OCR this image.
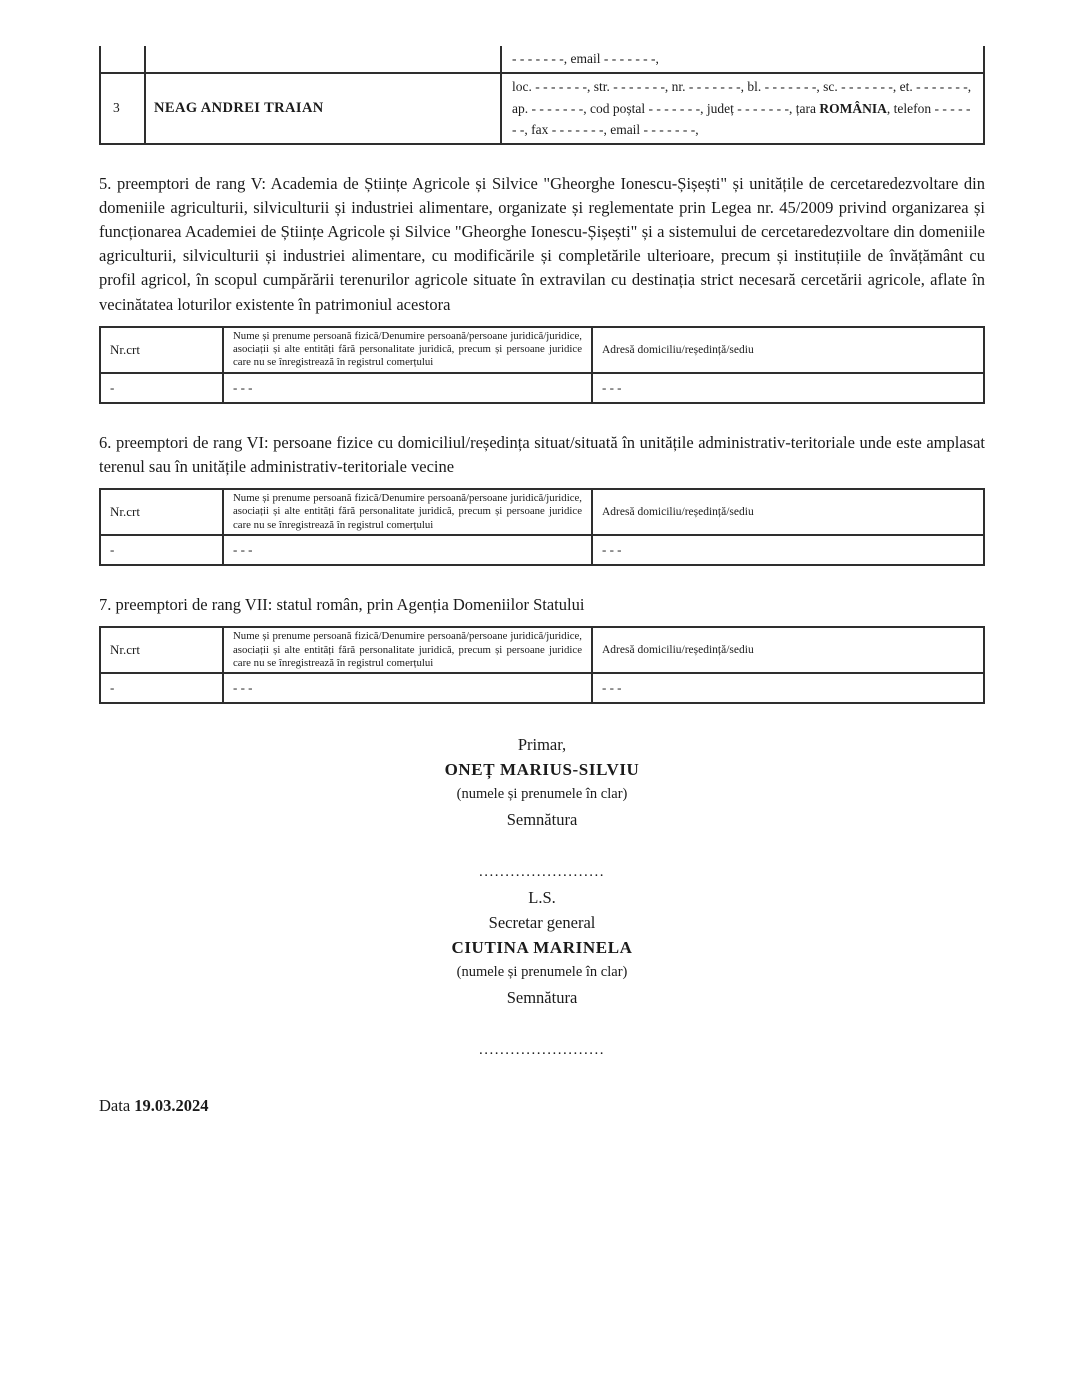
		- - - - - - -, email - - - - - - -,
3	NEAG ANDREI TRAIAN	loc. - - - - - - -, str. - - - - - - -, nr. - - - - - - -, bl. - - - - - - -, sc. - - - - - - -, et. - - - - - - -, ap. - - - - - - -, cod poștal - - - - - - -, județ - - - - - - -, țara ROMÂNIA, telefon - - - - - - -, fax - - - - - - -, email - - - - - - -,

5. preemptori de rang V: Academia de Științe Agricole și Silvice "Gheorghe Ionescu-Șișești" și unitățile de cercetaredezvoltare din domeniile agriculturii, silviculturii și industriei alimentare, organizate și reglementate prin Legea nr. 45/2009 privind organizarea și funcționarea Academiei de Științe Agricole și Silvice "Gheorghe Ionescu-Șișești" și a sistemului de cercetaredezvoltare din domeniile agriculturii, silviculturii și industriei alimentare, cu modificările și completările ulterioare, precum și instituțiile de învățământ cu profil agricol, în scopul cumpărării terenurilor agricole situate în extravilan cu destinația strict necesară cercetării agricole, aflate în vecinătatea loturilor existente în patrimoniul acestora

Nr.crt	Nume și prenume persoană fizică/Denumire persoană/persoane juridică/juridice, asociații și alte entități fără personalitate juridică, precum și persoane juridice care nu se înregistrează în registrul comerțului	Adresă domiciliu/reședință/sediu
-	- - -	- - -

6. preemptori de rang VI: persoane fizice cu domiciliul/reședința situat/situată în unitățile administrativ-teritoriale unde este amplasat terenul sau în unitățile administrativ-teritoriale vecine

Nr.crt	Nume și prenume persoană fizică/Denumire persoană/persoane juridică/juridice, asociații și alte entități fără personalitate juridică, precum și persoane juridice care nu se înregistrează în registrul comerțului	Adresă domiciliu/reședință/sediu
-	- - -	- - -

7. preemptori de rang VII: statul român, prin Agenția Domeniilor Statului

Nr.crt	Nume și prenume persoană fizică/Denumire persoană/persoane juridică/juridice, asociații și alte entități fără personalitate juridică, precum și persoane juridice care nu se înregistrează în registrul comerțului	Adresă domiciliu/reședință/sediu
-	- - -	- - -
Primar,
ONEȚ MARIUS-SILVIU
(numele și prenumele în clar)
Semnătura
........................
L.S.
Secretar general
CIUTINA MARINELA
(numele și prenumele în clar)
Semnătura
........................
Data 19.03.2024
